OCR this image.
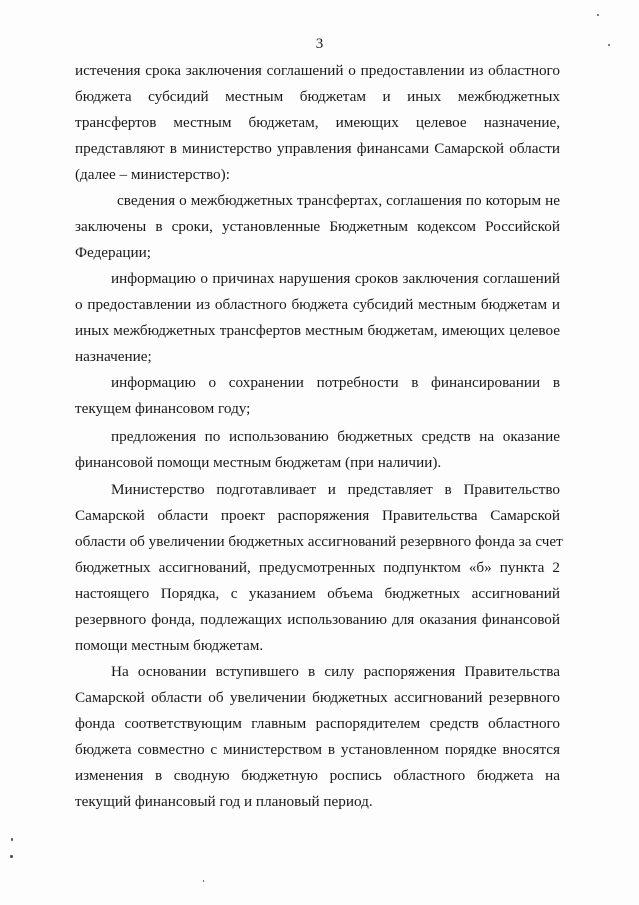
3
истечения срока заключения соглашений о предоставлении из областного
бюджета субсидий местным бюджетам и иных межбюджетных
трансфертов местным бюджетам, имеющих целевое назначение,
представляют в министерство управления финансами Самарской области
(далее – министерство):
сведения о межбюджетных трансфертах, соглашения по которым не
заключены в сроки, установленные Бюджетным кодексом Российской
Федерации;
информацию о причинах нарушения сроков заключения соглашений
о предоставлении из областного бюджета субсидий местным бюджетам и
иных межбюджетных трансфертов местным бюджетам, имеющих целевое
назначение;
информацию о сохранении потребности в финансировании в
текущем финансовом году;
предложения по использованию бюджетных средств на оказание
финансовой помощи местным бюджетам (при наличии).
Министерство подготавливает и представляет в Правительство
Самарской области проект распоряжения Правительства Самарской
области об увеличении бюджетных ассигнований резервного фонда за счет
бюджетных ассигнований, предусмотренных подпунктом «б» пункта 2
настоящего Порядка, с указанием объема бюджетных ассигнований
резервного фонда, подлежащих использованию для оказания финансовой
помощи местным бюджетам.
На основании вступившего в силу распоряжения Правительства
Самарской области об увеличении бюджетных ассигнований резервного
фонда соответствующим главным распорядителем средств областного
бюджета совместно с министерством в установленном порядке вносятся
изменения в сводную бюджетную роспись областного бюджета на
текущий финансовый год и плановый период.
